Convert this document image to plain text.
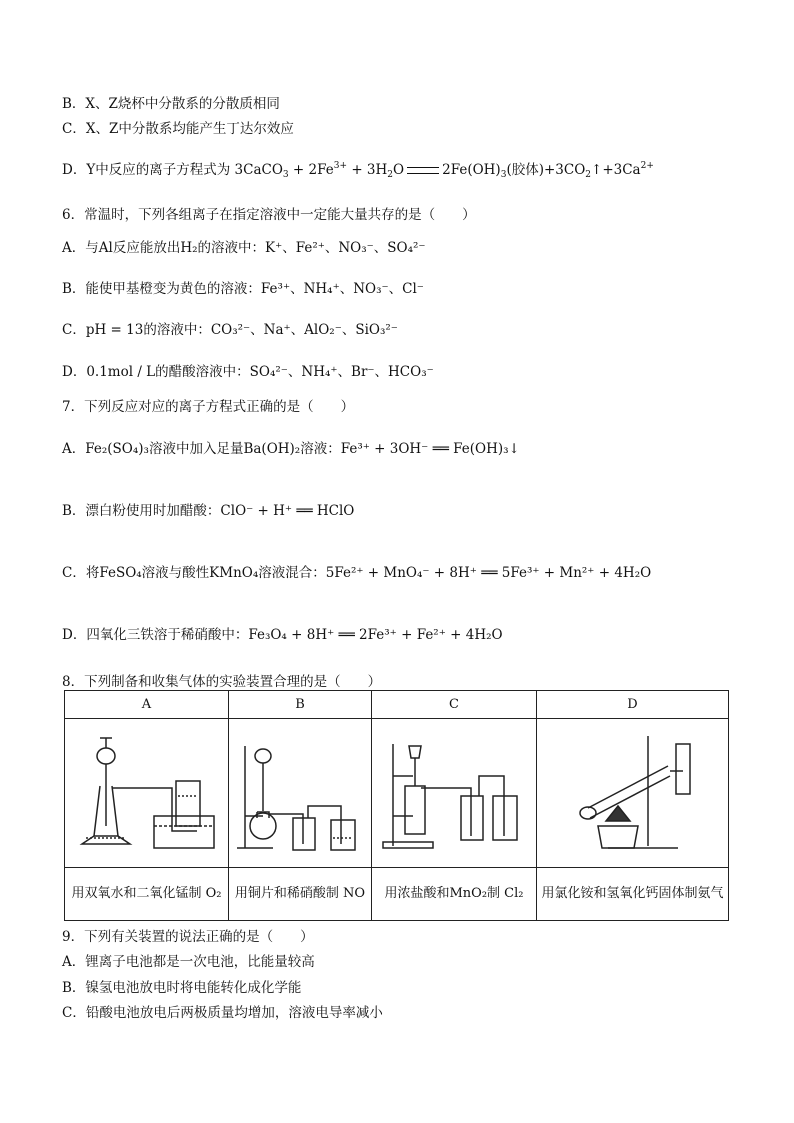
B．X、Z烧杯中分散系的分散质相同
C．X、Z中分散系均能产生丁达尔效应
D．Y中反应的离子方程式为 3CaCO$_3$ + $2Fe^{3+} + 3H_2O$	$2Fe(OH)_3$(胶体)$+3CO_2↑+3Ca^{2+}$
6．常温时，下列各组离子在指定溶液中一定能大量共存的是（　　）
A．与Al反应能放出H₂的溶液中：K⁺、Fe²⁺、NO₃⁻、SO₄²⁻
B．能使甲基橙变为黄色的溶液：Fe³⁺、NH₄⁺、NO₃⁻、Cl⁻
C．pH = 13的溶液中：CO₃²⁻、Na⁺、AlO₂⁻、SiO₃²⁻
D．0.1mol / L的醋酸溶液中：SO₄²⁻、NH₄⁺、Br⁻、HCO₃⁻
7．下列反应对应的离子方程式正确的是（　　）
A．Fe₂(SO₄)₃溶液中加入足量Ba(OH)₂溶液：Fe³⁺ + 3OH⁻ ══ Fe(OH)₃↓
B．漂白粉使用时加醋酸：ClO⁻ + H⁺ ══ HClO
C．将FeSO₄溶液与酸性KMnO₄溶液混合：5Fe²⁺ + MnO₄⁻ + 8H⁺ ══ 5Fe³⁺ + Mn²⁺ + 4H₂O
D．四氧化三铁溶于稀硝酸中：Fe₃O₄ + 8H⁺ ══ 2Fe³⁺ + Fe²⁺ + 4H₂O
8．下列制备和收集气体的实验装置合理的是（　　）
A	B	C	D

用双氧水和二氧化锰制 O₂	用铜片和稀硝酸制 NO	用浓盐酸和MnO₂制 Cl₂	用氯化铵和氢氧化钙固体制氨气
9．下列有关装置的说法正确的是（　　）
A．锂离子电池都是一次电池，比能量较高
B．镍氢电池放电时将电能转化成化学能
C．铅酸电池放电后两极质量均增加，溶液电导率减小
